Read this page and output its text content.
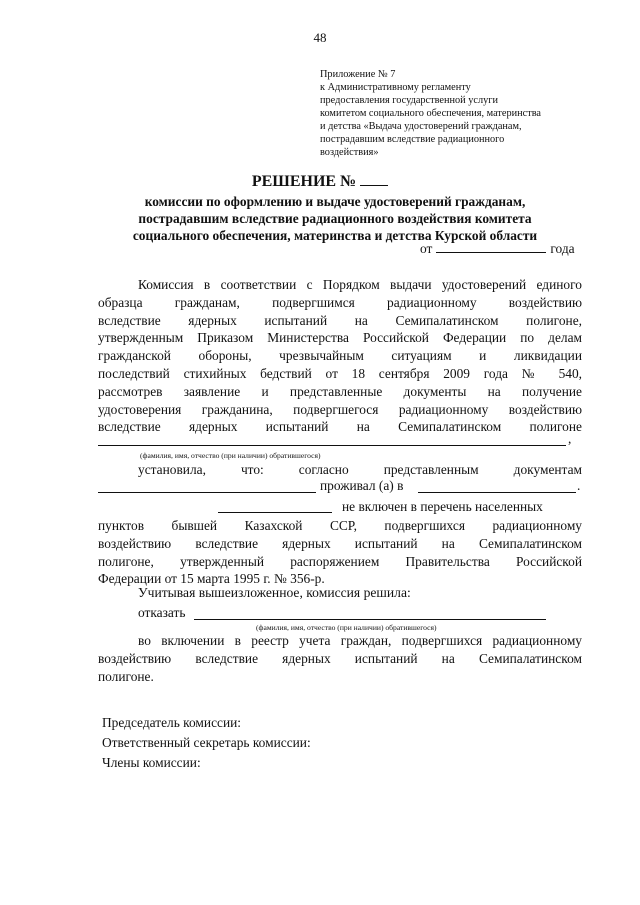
48
Приложение № 7
к Административному регламенту
предоставления государственной услуги
комитетом социального обеспечения, материнства
и детства «Выдача удостоверений гражданам,
пострадавшим вследствие радиационного
воздействия»
РЕШЕНИЕ №
комиссии по оформлению и выдаче удостоверений гражданам,
пострадавшим вследствие радиационного воздействия комитета
социального обеспечения, материнства и детства Курской области
от	года
Комиссия в соответствии с Порядком выдачи удостоверений единого
образца гражданам, подвергшимся радиационному воздействию
вследствие ядерных испытаний на Семипалатинском полигоне,
утвержденным Приказом Министерства Российской Федерации по делам
гражданской обороны, чрезвычайным ситуациям и ликвидации
последствий стихийных бедствий от 18 сентября 2009 года № 540,
рассмотрев заявление и представленные документы на получение
удостоверения гражданина, подвергшегося радиационному воздействию
вследствие ядерных испытаний на Семипалатинском полигоне
,
(фамилия, имя, отчество (при наличии) обратившегося)
установила,	что:	согласно	представленным	документам
проживал (а) в	.
не включен в перечень населенных
пунктов бывшей Казахской ССР, подвергшихся радиационному
воздействию вследствие ядерных испытаний на Семипалатинском
полигоне, утвержденный распоряжением Правительства Российской
Федерации от 15 марта 1995 г. № 356-р.
Учитывая вышеизложенное, комиссия решила:
отказать
(фамилия, имя, отчество (при наличии) обратившегося)
во включении в реестр учета граждан, подвергшихся радиационному
воздействию вследствие ядерных испытаний на Семипалатинском
полигоне.
Председатель комиссии:
Ответственный секретарь комиссии:
Члены комиссии:
